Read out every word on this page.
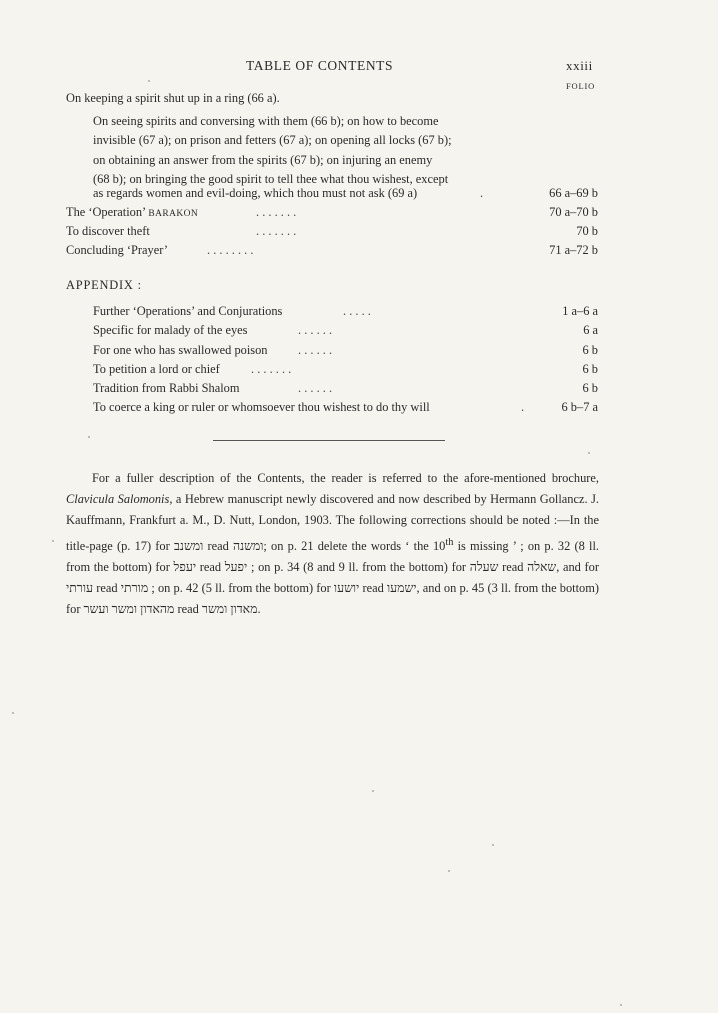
TABLE OF CONTENTS	xxiii
FOLIO
On keeping a spirit shut up in a ring (66 a).
On seeing spirits and conversing with them (66 b); on how to become
invisible (67 a); on prison and fetters (67 a); on opening all locks (67 b);
on obtaining an answer from the spirits (67 b); on injuring an enemy
(68 b); on bringing the good spirit to tell thee what thou wishest, except
as regards women and evil-doing, which thou must not ask (69 a)	.	66 a–69 b
The ‘Operation’ BARAKON	. . . . . . .	70 a–70 b
To discover theft	. . . . . . .	70 b
Concluding ‘Prayer’	. . . . . . . .	71 a–72 b
APPENDIX :
Further ‘Operations’ and Conjurations	. . . . .	1 a–6 a
Specific for malady of the eyes	. . . . . .	6 a
For one who has swallowed poison . . . . . .	6 b
To petition a lord or chief	. . . . . . .	6 b
Tradition from Rabbi Shalom	. . . . . .	6 b
To coerce a king or ruler or whomsoever thou wishest to do thy will	.	6 b–7 a
For a fuller description of the Contents, the reader is referred to the afore-mentioned brochure, Clavicula Salomonis, a Hebrew manuscript newly discovered and now described by Hermann Gollancz. J. Kauffmann, Frankfurt a. M., D. Nutt, London, 1903. The following corrections should be noted :—In the title-page (p. 17) for ומשנב read ומשנה; on p. 21 delete the words ‘ the 10th is missing ’ ; on p. 32 (8 ll. from the bottom) for יעפל read יפעל ; on p. 34 (8 and 9 ll. from the bottom) for שעלה read שאלה, and for עורתי read מורתי ; on p. 42 (5 ll. from the bottom) for יושעו read ישמעו, and on p. 45 (3 ll. from the bottom) for מהאדון ומשר ועשר read מאדון ומשר.
